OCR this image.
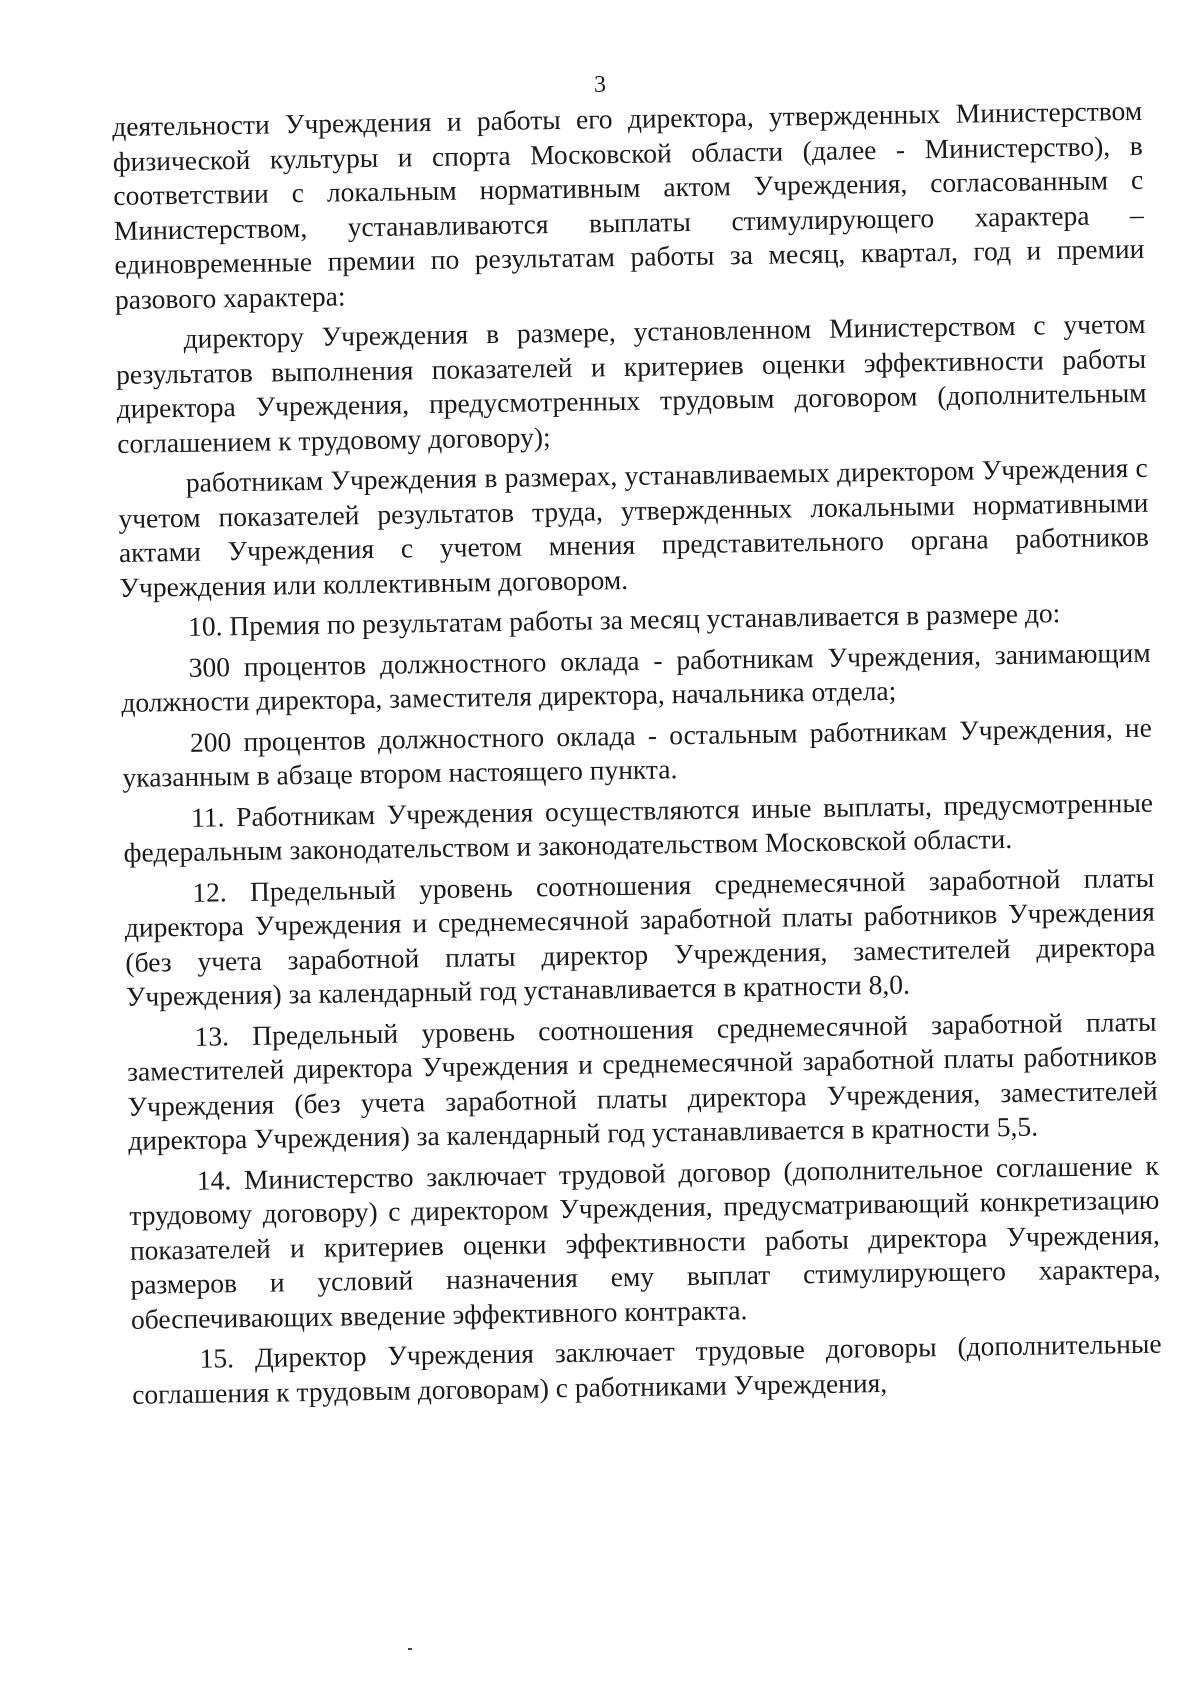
3

деятельности Учреждения и работы его директора, утвержденных Министерством физической культуры и спорта Московской области (далее - Министерство), в соответствии с локальным нормативным актом Учреждения, согласованным с Министерством, устанавливаются выплаты стимулирующего характера – единовременные премии по результатам работы за месяц, квартал, год и премии разового характера:

директору Учреждения в размере, установленном Министерством с учетом результатов выполнения показателей и критериев оценки эффективности работы директора Учреждения, предусмотренных трудовым договором (дополнительным соглашением к трудовому договору);

работникам Учреждения в размерах, устанавливаемых директором Учреждения с учетом показателей результатов труда, утвержденных локальными нормативными актами Учреждения с учетом мнения представительного органа работников Учреждения или коллективным договором.

10. Премия по результатам работы за месяц устанавливается в размере до:

300 процентов должностного оклада - работникам Учреждения, занимающим должности директора, заместителя директора, начальника отдела;

200 процентов должностного оклада - остальным работникам Учреждения, не указанным в абзаце втором настоящего пункта.

11. Работникам Учреждения осуществляются иные выплаты, предусмотренные федеральным законодательством и законодательством Московской области.

12. Предельный уровень соотношения среднемесячной заработной платы директора Учреждения и среднемесячной заработной платы работников Учреждения (без учета заработной платы директор Учреждения, заместителей директора Учреждения) за календарный год устанавливается в кратности 8,0.

13. Предельный уровень соотношения среднемесячной заработной платы заместителей директора Учреждения и среднемесячной заработной платы работников Учреждения (без учета заработной платы директора Учреждения, заместителей директора Учреждения) за календарный год устанавливается в кратности 5,5.

14. Министерство заключает трудовой договор (дополнительное соглашение к трудовому договору) с директором Учреждения, предусматривающий конкретизацию показателей и критериев оценки эффективности работы директора Учреждения, размеров и условий назначения ему выплат стимулирующего характера, обеспечивающих введение эффективного контракта.

15. Директор Учреждения заключает трудовые договоры (дополнительные соглашения к трудовым договорам) с работниками Учреждения,
